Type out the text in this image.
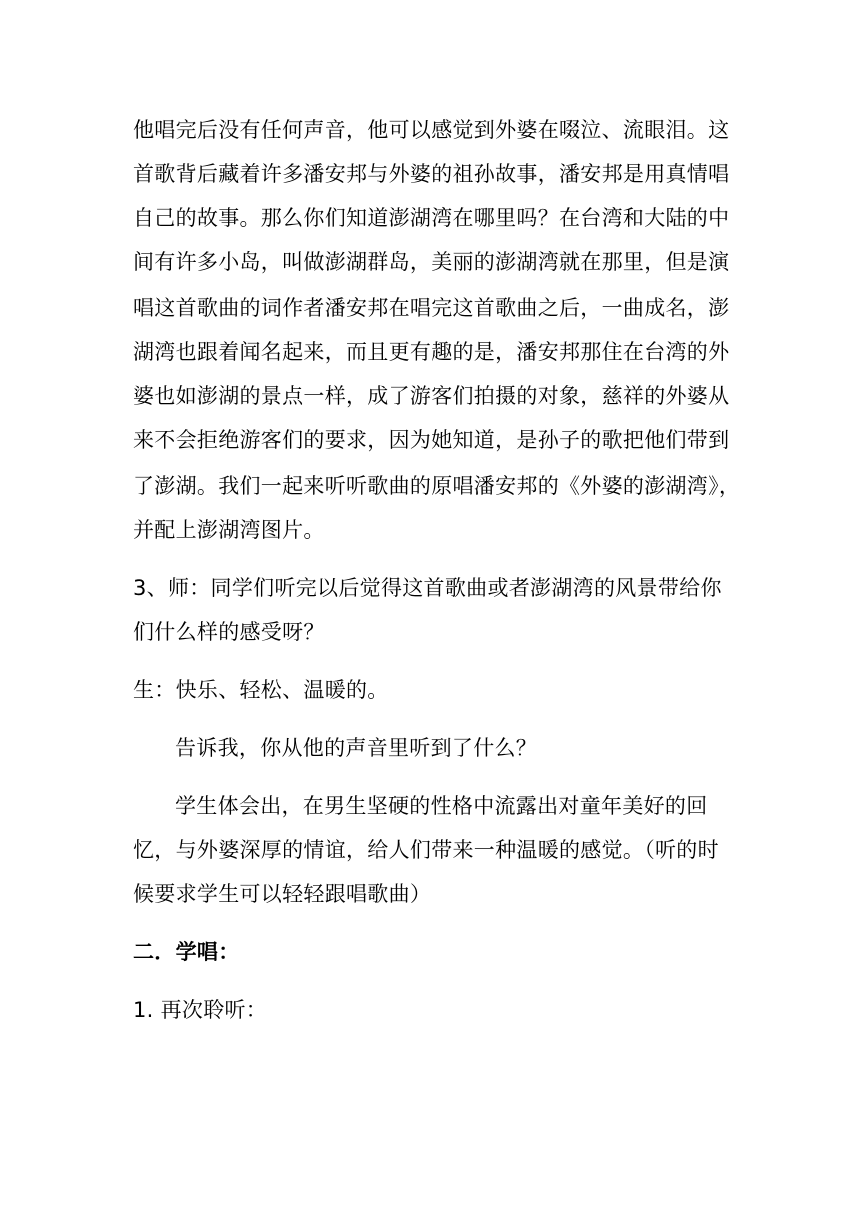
他唱完后没有任何声音，他可以感觉到外婆在啜泣、流眼泪。这
首歌背后藏着许多潘安邦与外婆的祖孙故事，潘安邦是用真情唱
自己的故事。那么你们知道澎湖湾在哪里吗？在台湾和大陆的中
间有许多小岛，叫做澎湖群岛，美丽的澎湖湾就在那里，但是演
唱这首歌曲的词作者潘安邦在唱完这首歌曲之后，一曲成名，澎
湖湾也跟着闻名起来，而且更有趣的是，潘安邦那住在台湾的外
婆也如澎湖的景点一样，成了游客们拍摄的对象，慈祥的外婆从
来不会拒绝游客们的要求，因为她知道，是孙子的歌把他们带到
了澎湖。我们一起来听听歌曲的原唱潘安邦的《外婆的澎湖湾》，
并配上澎湖湾图片。
3、师：同学们听完以后觉得这首歌曲或者澎湖湾的风景带给你
们什么样的感受呀？
生：快乐、轻松、温暖的。
告诉我，你从他的声音里听到了什么？
学生体会出，在男生坚硬的性格中流露出对童年美好的回
忆，与外婆深厚的情谊，给人们带来一种温暖的感觉。（听的时
候要求学生可以轻轻跟唱歌曲）
二．学唱：
1. 再次聆听：
